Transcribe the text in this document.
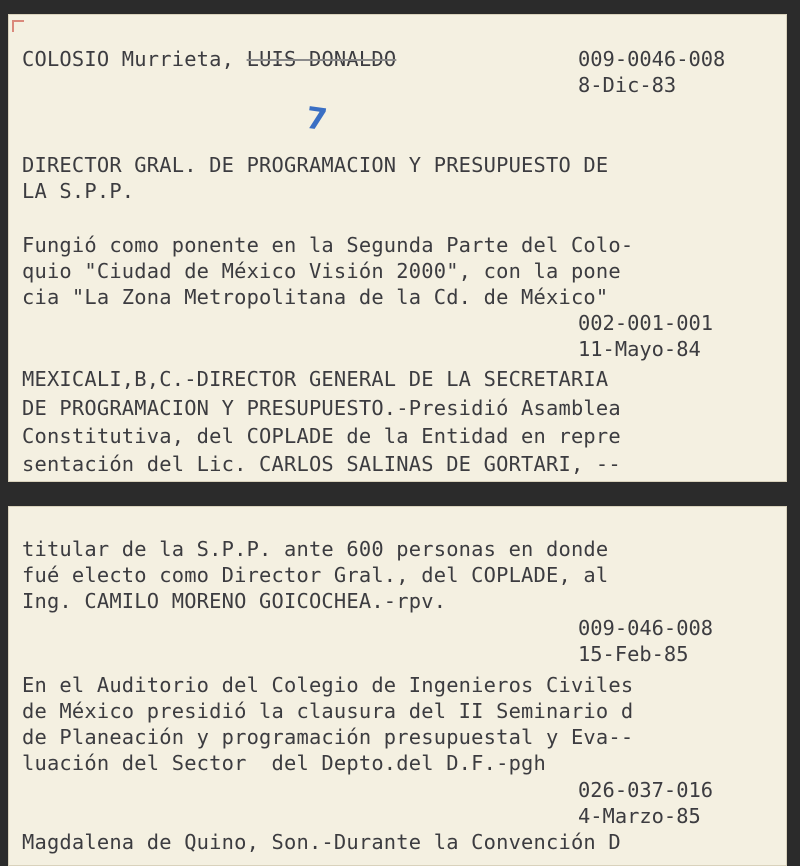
COLOSIO Murrieta, LUIS DONALDO	009-0046-008
8-Dic-83
7
DIRECTOR GRAL. DE PROGRAMACION Y PRESUPUESTO DE
LA S.P.P.
Fungió como ponente en la Segunda Parte del Colo-
quio "Ciudad de México Visión 2000", con la pone
cia "La Zona Metropolitana de la Cd. de México"
002-001-001
11-Mayo-84
MEXICALI,B,C.-DIRECTOR GENERAL DE LA SECRETARIA
DE PROGRAMACION Y PRESUPUESTO.-Presidió Asamblea
Constitutiva, del COPLADE de la Entidad en repre
sentación del Lic. CARLOS SALINAS DE GORTARI, --
titular de la S.P.P. ante 600 personas en donde
fué electo como Director Gral., del COPLADE, al
Ing. CAMILO MORENO GOICOCHEA.-rpv.
009-046-008
15-Feb-85
En el Auditorio del Colegio de Ingenieros Civiles
de México presidió la clausura del II Seminario d
de Planeación y programación presupuestal y Eva--
luación del Sector  del Depto.del D.F.-pgh
026-037-016
4-Marzo-85
Magdalena de Quino, Son.-Durante la Convención D
